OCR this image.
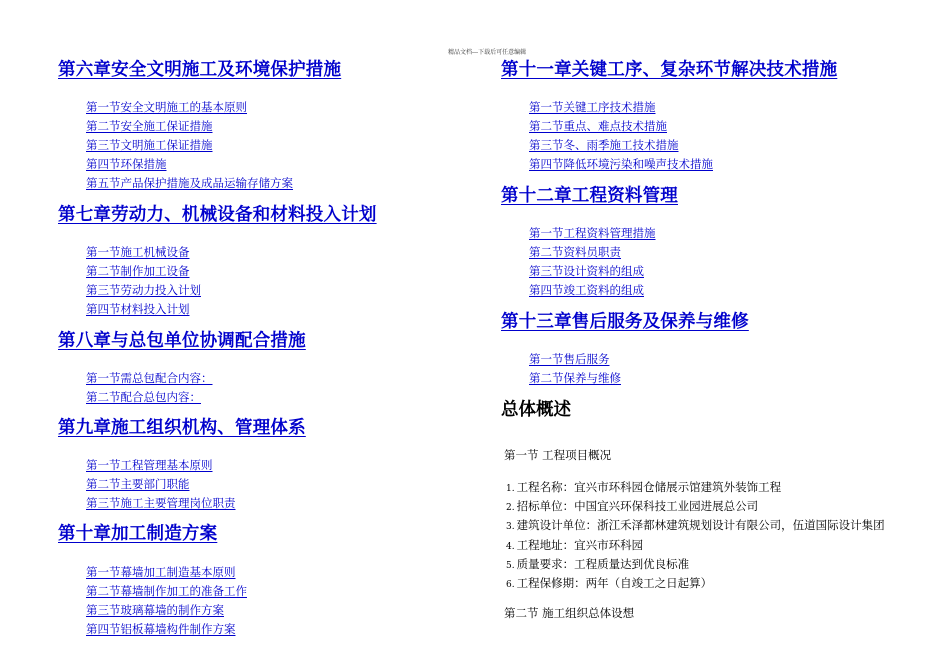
精品文档---下载后可任意编辑
第六章安全文明施工及环境保护措施
第一节安全文明施工的基本原则
第二节安全施工保证措施
第三节文明施工保证措施
第四节环保措施
第五节产品保护措施及成品运输存储方案
第七章劳动力、机械设备和材料投入计划
第一节施工机械设备
第二节制作加工设备
第三节劳动力投入计划
第四节材料投入计划
第八章与总包单位协调配合措施
第一节需总包配合内容：
第二节配合总包内容：
第九章施工组织机构、管理体系
第一节工程管理基本原则
第二节主要部门职能
第三节施工主要管理岗位职责
第十章加工制造方案
第一节幕墙加工制造基本原则
第二节幕墙制作加工的准备工作
第三节玻璃幕墙的制作方案
第四节铝板幕墙构件制作方案
第十一章关键工序、复杂环节解决技术措施
第一节关键工序技术措施
第二节重点、难点技术措施
第三节冬、雨季施工技术措施
第四节降低环境污染和噪声技术措施
第十二章工程资料管理
第一节工程资料管理措施
第二节资料员职责
第三节设计资料的组成
第四节竣工资料的组成
第十三章售后服务及保养与维修
第一节售后服务
第二节保养与维修
总体概述
第一节 工程项目概况
1. 工程名称：宜兴市环科园仓储展示馆建筑外装饰工程
2. 招标单位：中国宜兴环保科技工业园进展总公司
3. 建筑设计单位：浙江禾泽都林建筑规划设计有限公司，伍道国际设计集团
4. 工程地址：宜兴市环科园
5. 质量要求：工程质量达到优良标准
6. 工程保修期：两年（自竣工之日起算）
第二节 施工组织总体设想
